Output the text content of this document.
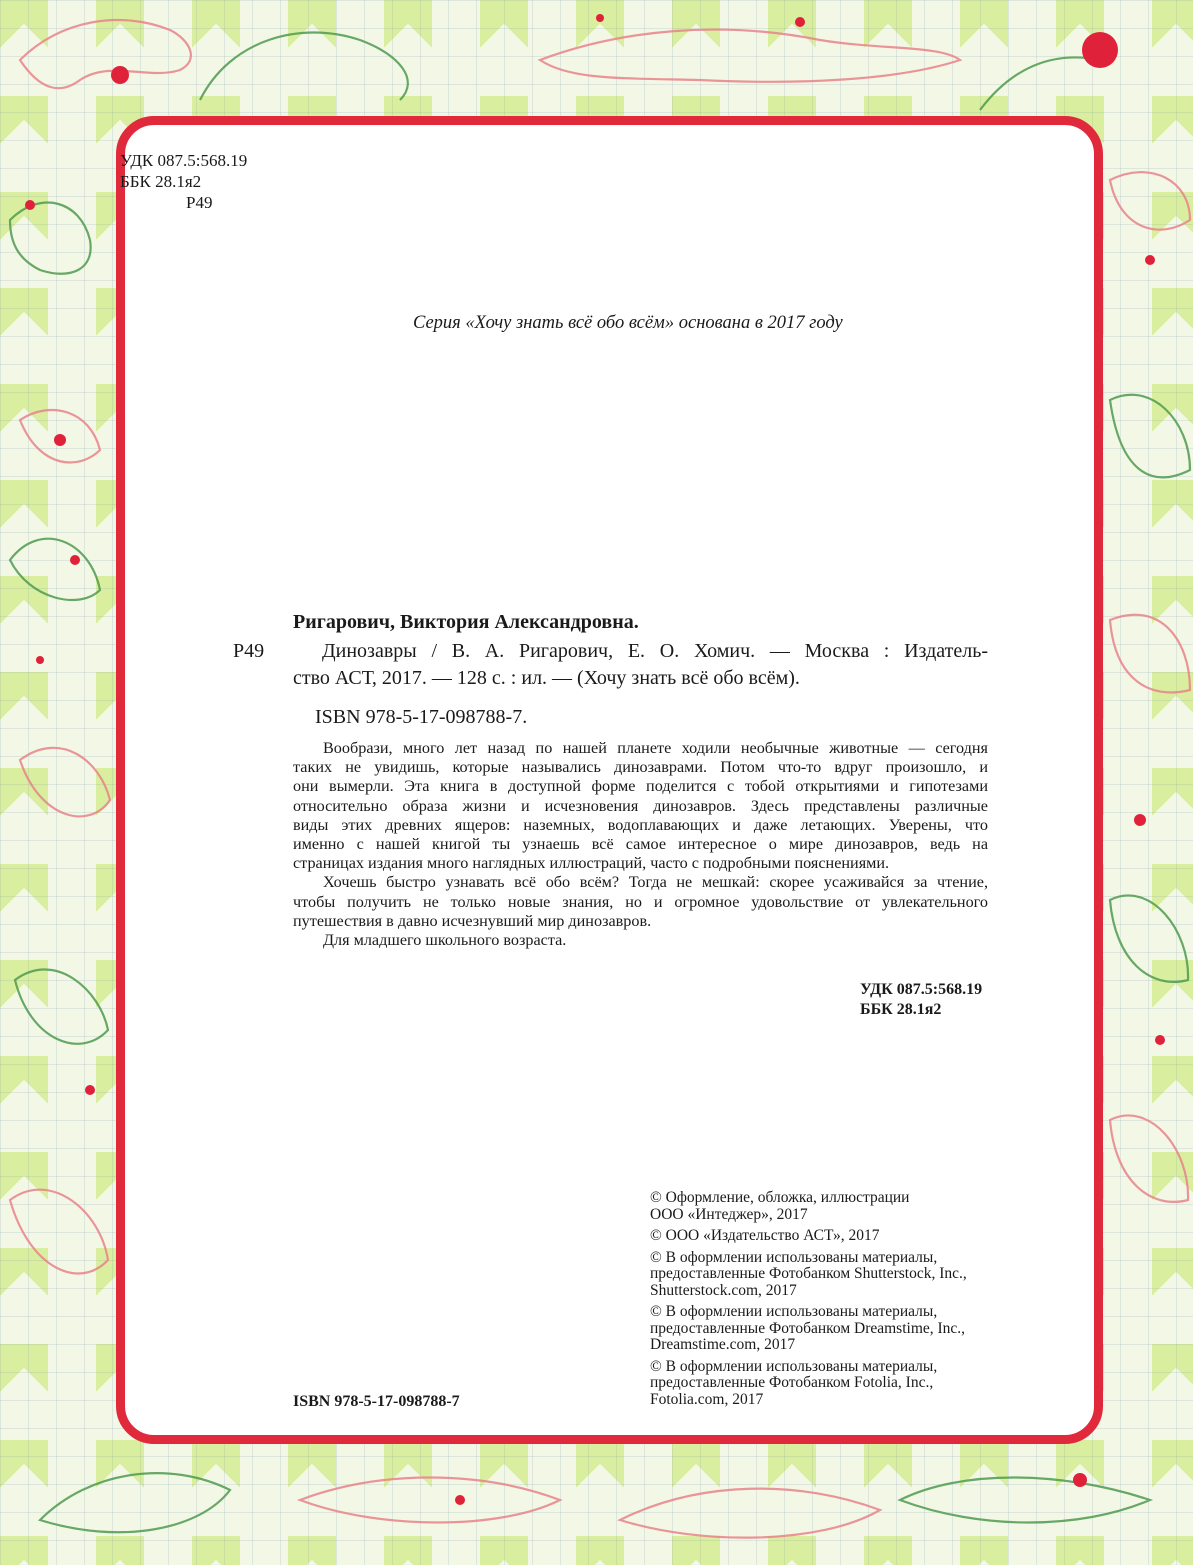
УДК 087.5:568.19
ББК 28.1я2
Р49
Серия «Хочу знать всё обо всём» основана в 2017 году
Ригарович, Виктория Александровна.
Р49	Динозавры / В. А. Ригарович, Е. О. Хомич. — Москва : Издатель-
ство АСТ, 2017. — 128 с. : ил. — (Хочу знать всё обо всём).
ISBN 978-5-17-098788-7.
Вообрази, много лет назад по нашей планете ходили необычные животные — сегодня
таких не увидишь, которые назывались динозаврами. Потом что-то вдруг произошло, и
они вымерли. Эта книга в доступной форме поделится с тобой открытиями и гипотезами
относительно образа жизни и исчезновения динозавров. Здесь представлены различные
виды этих древних ящеров: наземных, водоплавающих и даже летающих. Уверены, что
именно с нашей книгой ты узнаешь всё самое интересное о мире динозавров, ведь на
страницах издания много наглядных иллюстраций, часто с подробными пояснениями.
Хочешь быстро узнавать всё обо всём? Тогда не мешкай: скорее усаживайся за чтение,
чтобы получить не только новые знания, но и огромное удовольствие от увлекательного
путешествия в давно исчезнувший мир динозавров.
Для младшего школьного возраста.
УДК 087.5:568.19
ББК 28.1я2
© Оформление, обложка, иллюстрации
ООО «Интеджер», 2017
© ООО «Издательство АСТ», 2017
© В оформлении использованы материалы,
предоставленные Фотобанком Shutterstock, Inc.,
Shutterstock.com, 2017
© В оформлении использованы материалы,
предоставленные Фотобанком Dreamstime, Inc.,
Dreamstime.com, 2017
© В оформлении использованы материалы,
предоставленные Фотобанком Fotolia, Inc.,
Fotolia.com, 2017
ISBN 978-5-17-098788-7
